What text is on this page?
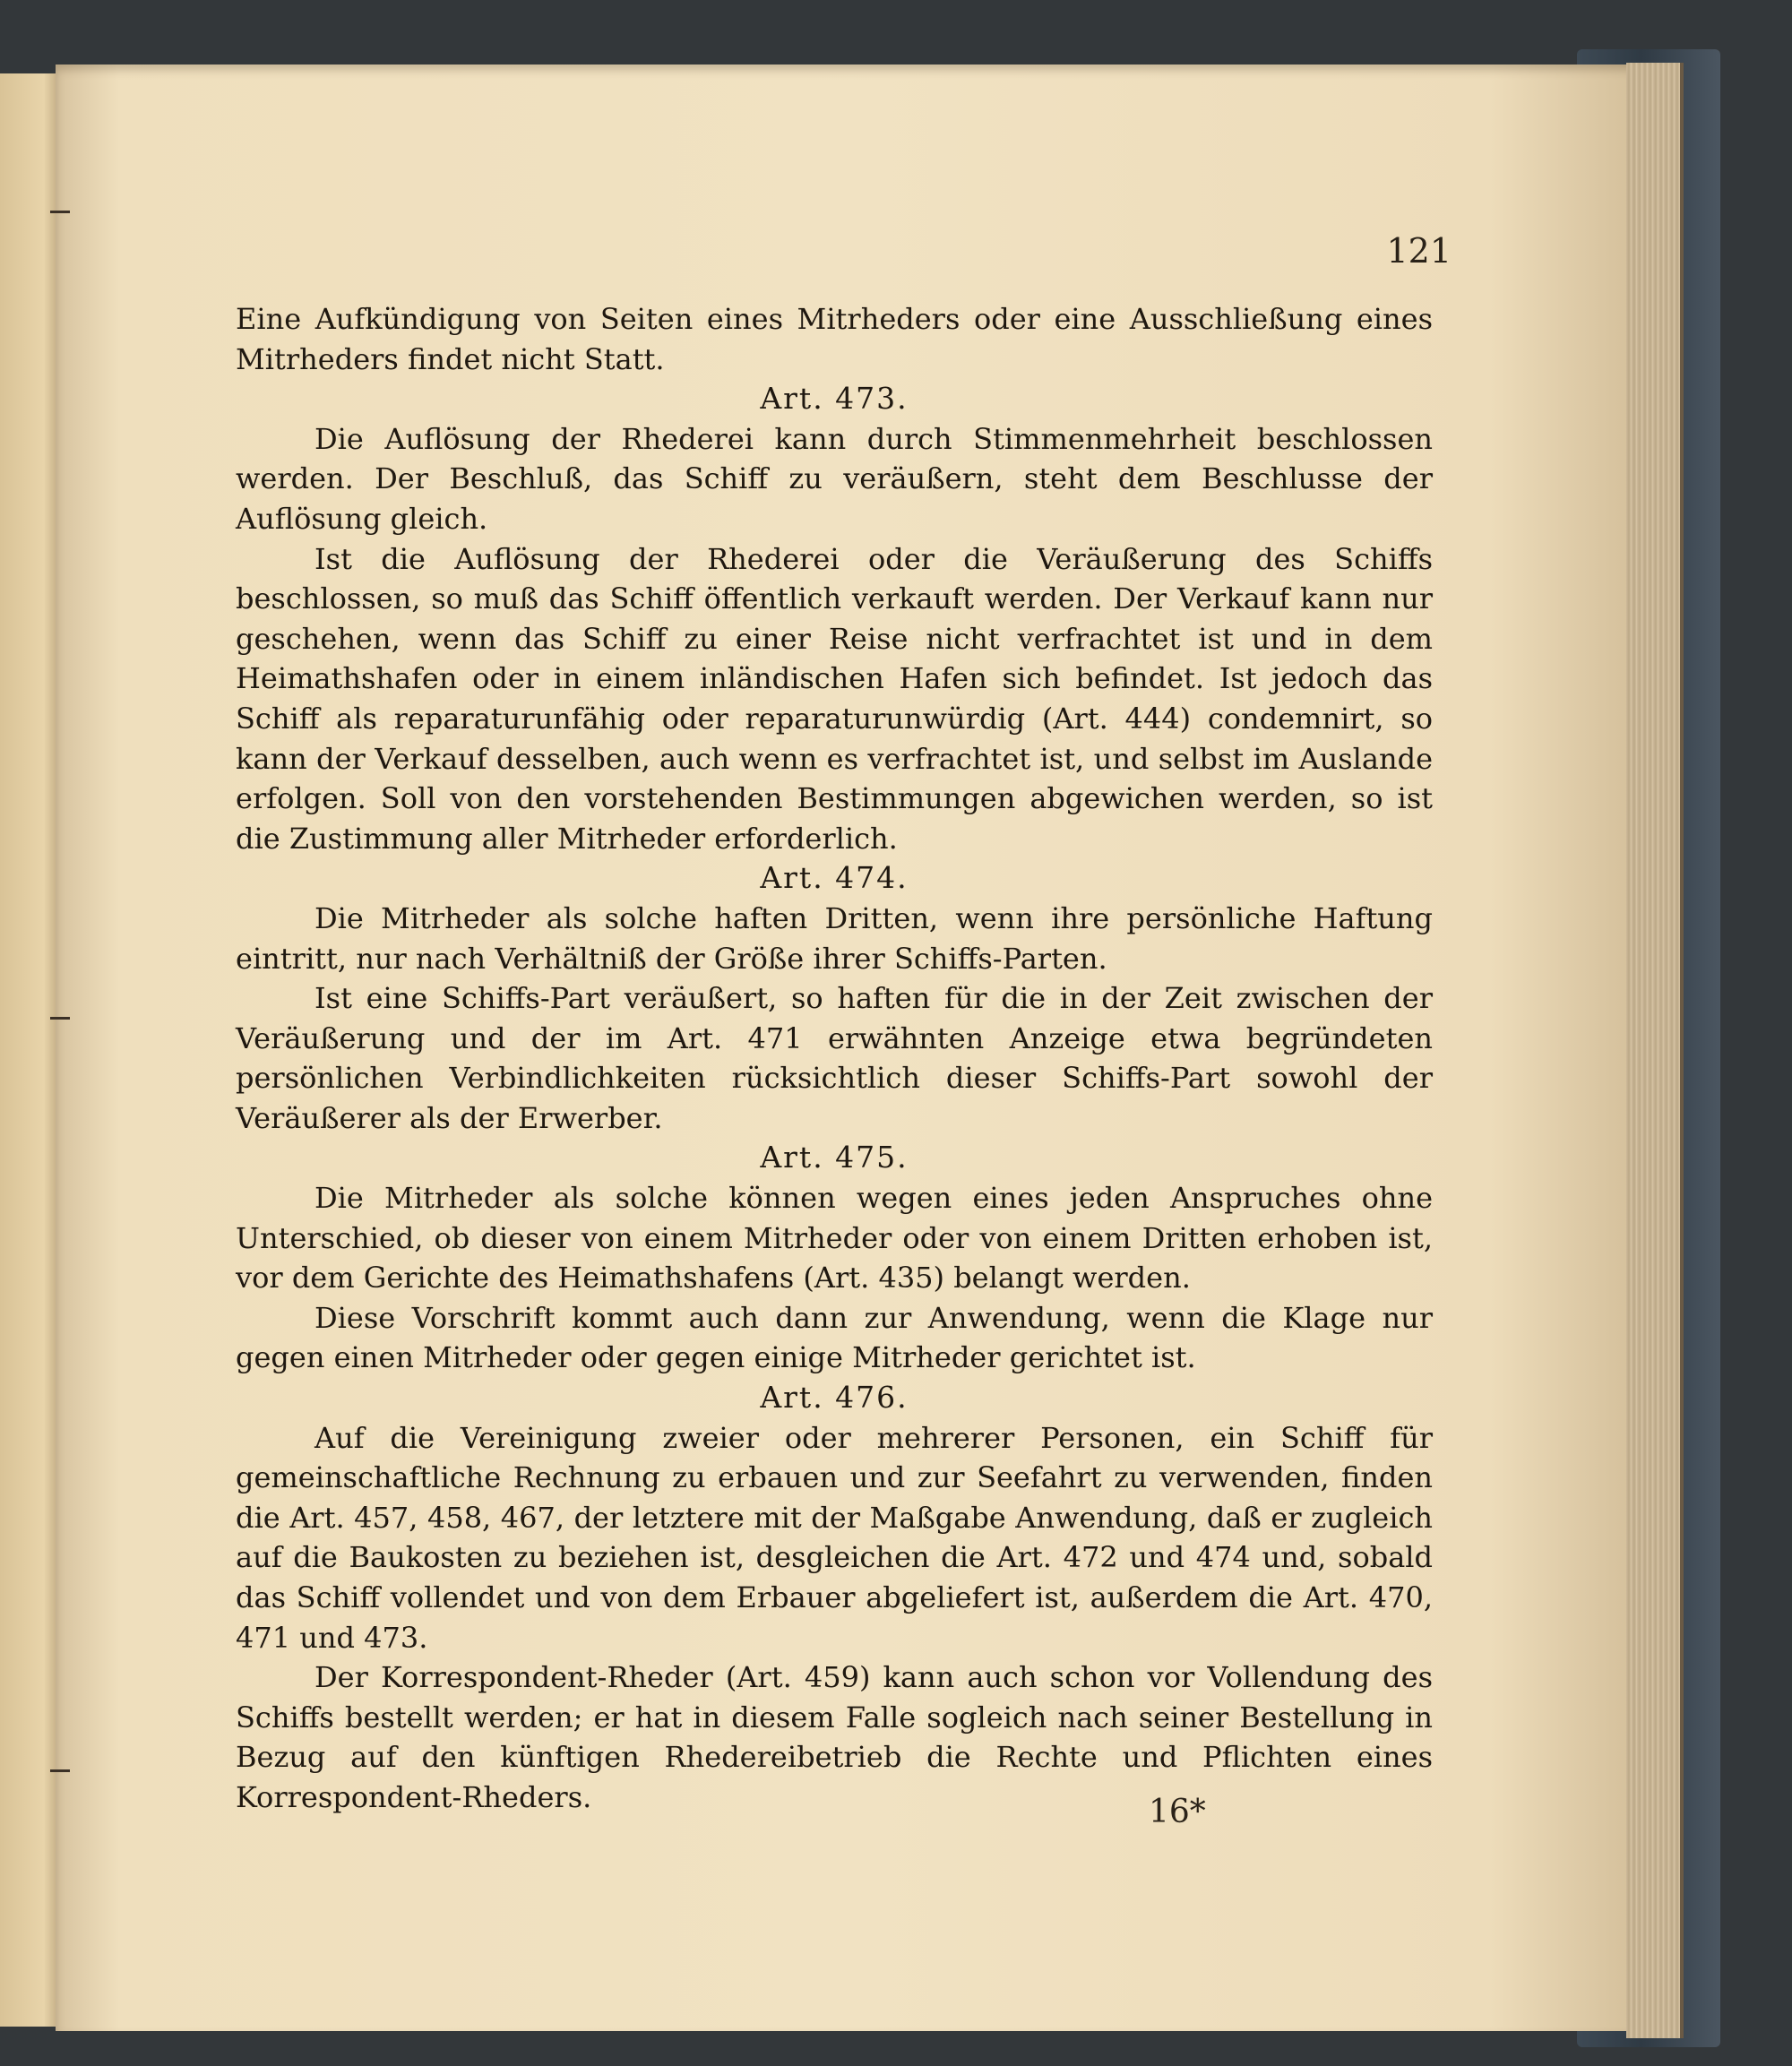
121

Eine Aufkündigung von Seiten eines Mitrheders oder eine Ausschließung eines Mitrheders findet nicht Statt.

Art. 473.

Die Auflösung der Rhederei kann durch Stimmenmehrheit beschlossen werden. Der Beschluß, das Schiff zu veräußern, steht dem Beschlusse der Auflösung gleich.

Ist die Auflösung der Rhederei oder die Veräußerung des Schiffs beschlossen, so muß das Schiff öffentlich verkauft werden. Der Verkauf kann nur geschehen, wenn das Schiff zu einer Reise nicht verfrachtet ist und in dem Heimathshafen oder in einem inländischen Hafen sich befindet. Ist jedoch das Schiff als reparaturunfähig oder reparaturunwürdig (Art. 444) condemnirt, so kann der Verkauf desselben, auch wenn es verfrachtet ist, und selbst im Auslande erfolgen. Soll von den vorstehenden Bestimmungen abgewichen werden, so ist die Zustimmung aller Mitrheder erforderlich.

Art. 474.

Die Mitrheder als solche haften Dritten, wenn ihre persönliche Haftung eintritt, nur nach Verhältniß der Größe ihrer Schiffs-Parten.

Ist eine Schiffs-Part veräußert, so haften für die in der Zeit zwischen der Veräußerung und der im Art. 471 erwähnten Anzeige etwa begründeten persönlichen Verbindlichkeiten rücksichtlich dieser Schiffs-Part sowohl der Veräußerer als der Erwerber.

Art. 475.

Die Mitrheder als solche können wegen eines jeden Anspruches ohne Unterschied, ob dieser von einem Mitrheder oder von einem Dritten erhoben ist, vor dem Gerichte des Heimathshafens (Art. 435) belangt werden.

Diese Vorschrift kommt auch dann zur Anwendung, wenn die Klage nur gegen einen Mitrheder oder gegen einige Mitrheder gerichtet ist.

Art. 476.

Auf die Vereinigung zweier oder mehrerer Personen, ein Schiff für gemeinschaftliche Rechnung zu erbauen und zur Seefahrt zu verwenden, finden die Art. 457, 458, 467, der letztere mit der Maßgabe Anwendung, daß er zugleich auf die Baukosten zu beziehen ist, desgleichen die Art. 472 und 474 und, sobald das Schiff vollendet und von dem Erbauer abgeliefert ist, außerdem die Art. 470, 471 und 473.

Der Korrespondent-Rheder (Art. 459) kann auch schon vor Vollendung des Schiffs bestellt werden; er hat in diesem Falle sogleich nach seiner Bestellung in Bezug auf den künftigen Rhedereibetrieb die Rechte und Pflichten eines Korrespondent-Rheders.	16*
